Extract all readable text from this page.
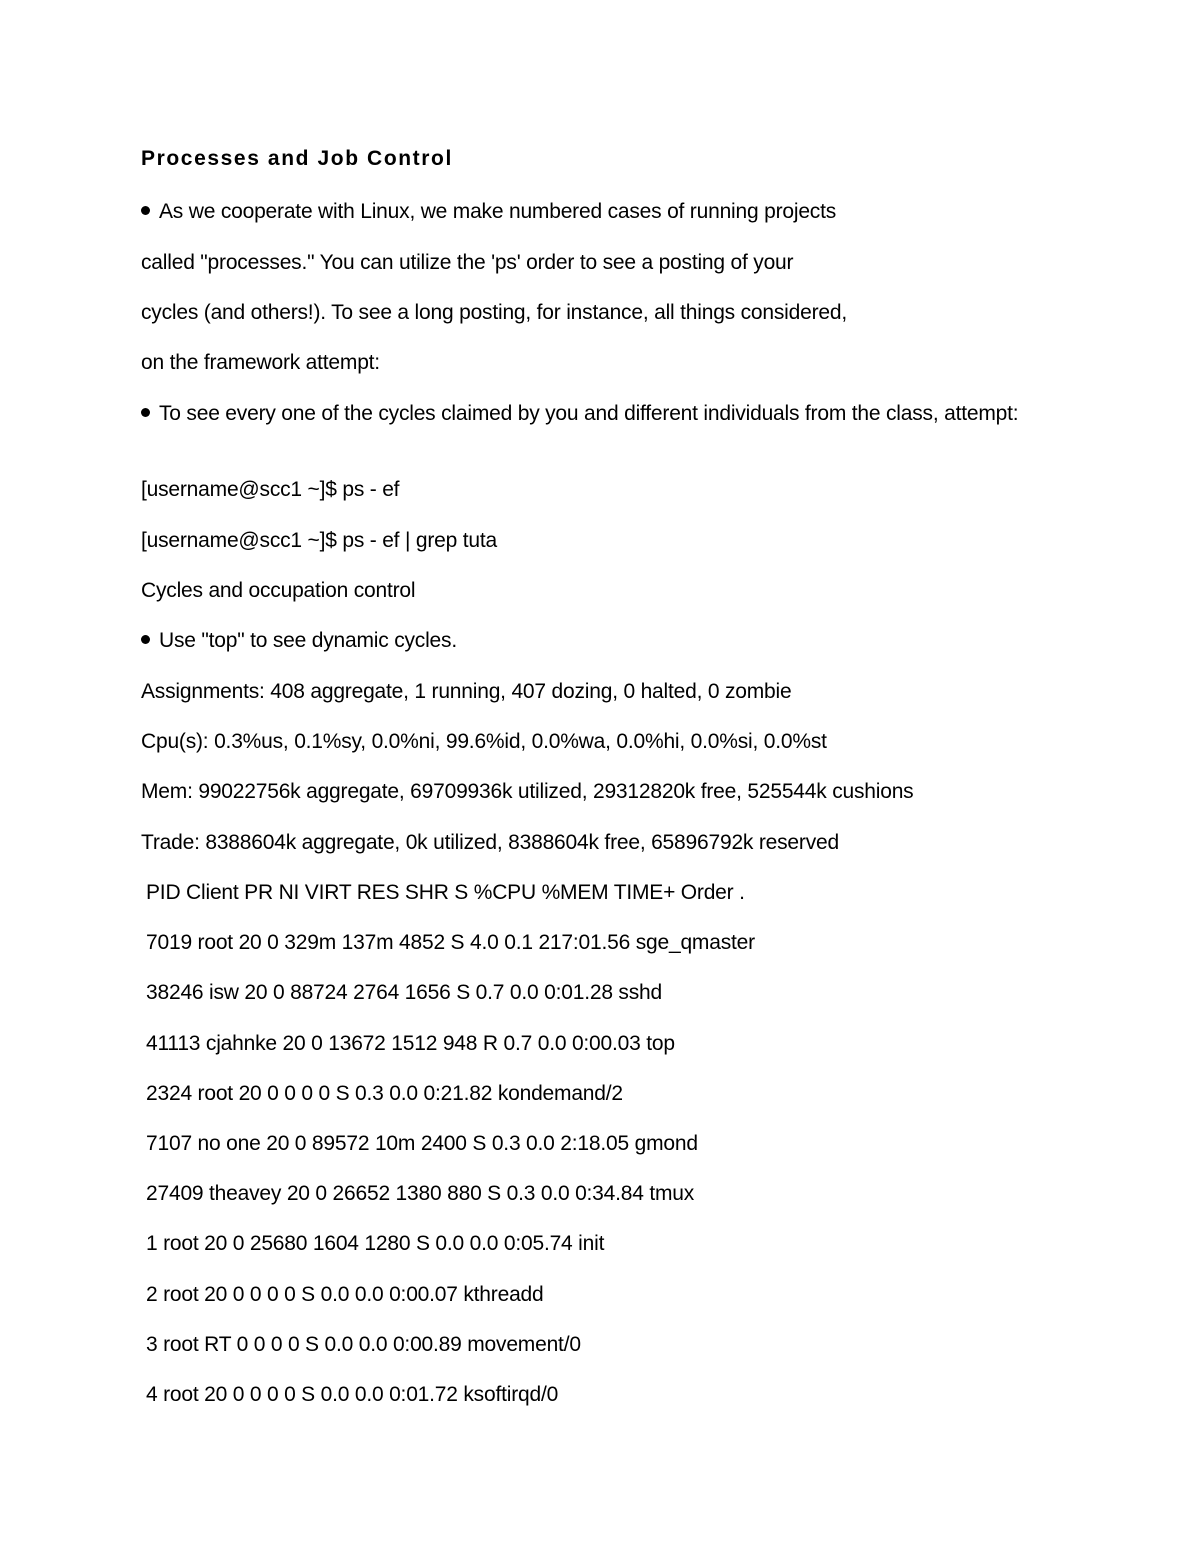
Processes and Job Control
As we cooperate with Linux, we make numbered cases of running projects
called "processes." You can utilize the 'ps' order to see a posting of your
cycles (and others!). To see a long posting, for instance, all things considered,
on the framework attempt:
To see every one of the cycles claimed by you and different individuals from the class, attempt:
[username@scc1 ~]$ ps - ef
[username@scc1 ~]$ ps - ef | grep tuta
Cycles and occupation control
Use "top" to see dynamic cycles.
Assignments: 408 aggregate, 1 running, 407 dozing, 0 halted, 0 zombie
Cpu(s): 0.3%us, 0.1%sy, 0.0%ni, 99.6%id, 0.0%wa, 0.0%hi, 0.0%si, 0.0%st
Mem: 99022756k aggregate, 69709936k utilized, 29312820k free, 525544k cushions
Trade: 8388604k aggregate, 0k utilized, 8388604k free, 65896792k reserved
PID Client PR NI VIRT RES SHR S %CPU %MEM TIME+ Order .
7019 root 20 0 329m 137m 4852 S 4.0 0.1 217:01.56 sge_qmaster
38246 isw 20 0 88724 2764 1656 S 0.7 0.0 0:01.28 sshd
41113 cjahnke 20 0 13672 1512 948 R 0.7 0.0 0:00.03 top
2324 root 20 0 0 0 0 S 0.3 0.0 0:21.82 kondemand/2
7107 no one 20 0 89572 10m 2400 S 0.3 0.0 2:18.05 gmond
27409 theavey 20 0 26652 1380 880 S 0.3 0.0 0:34.84 tmux
1 root 20 0 25680 1604 1280 S 0.0 0.0 0:05.74 init
2 root 20 0 0 0 0 S 0.0 0.0 0:00.07 kthreadd
3 root RT 0 0 0 0 S 0.0 0.0 0:00.89 movement/0
4 root 20 0 0 0 0 S 0.0 0.0 0:01.72 ksoftirqd/0
